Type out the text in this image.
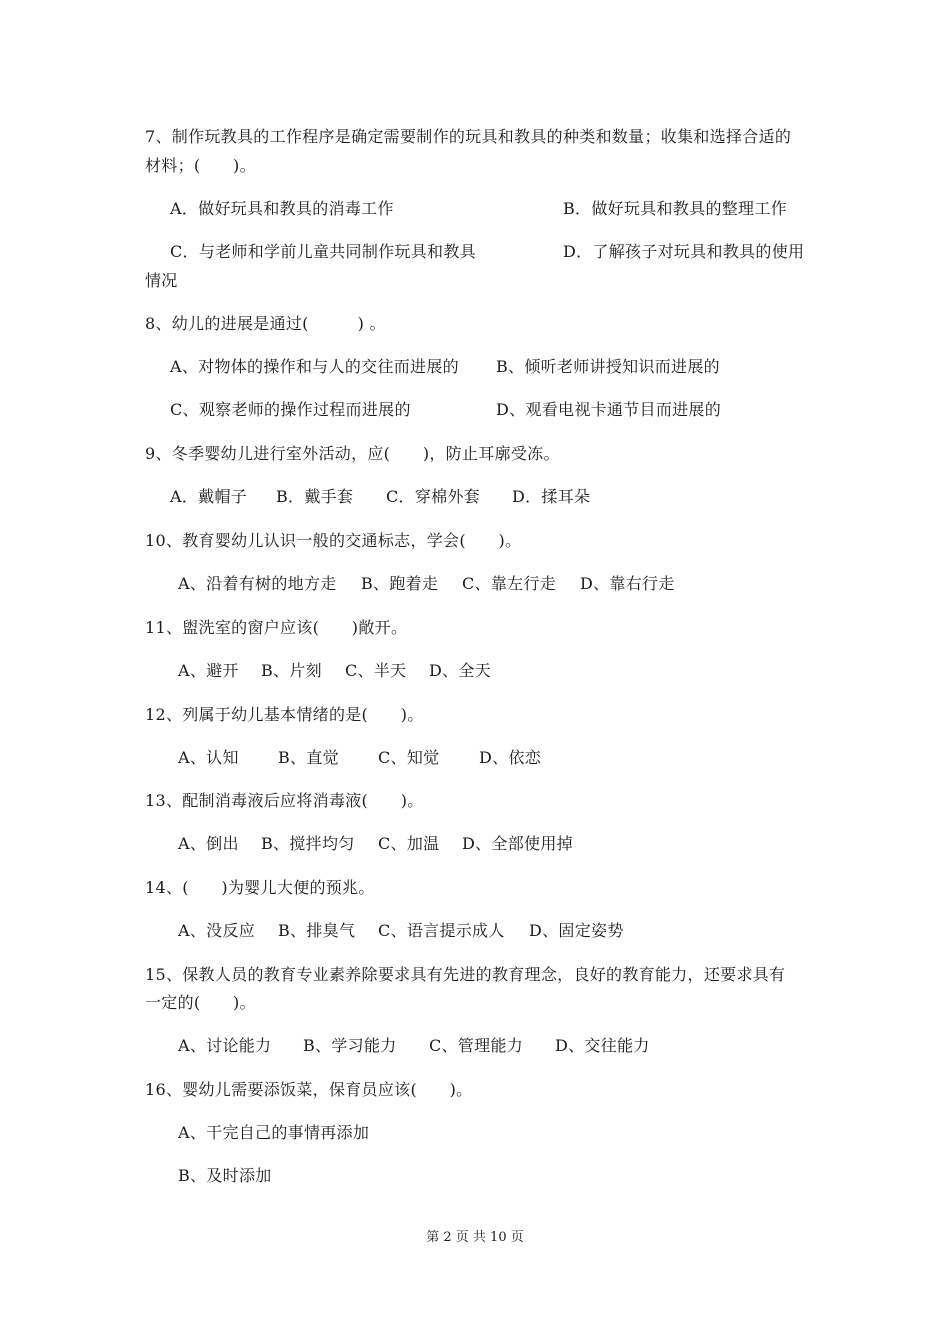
7、制作玩教具的工作程序是确定需要制作的玩具和教具的种类和数量；收集和选择合适的
材料；(　　)。
A．做好玩具和教具的消毒工作	B．做好玩具和教具的整理工作
C．与老师和学前儿童共同制作玩具和教具	D．了解孩子对玩具和教具的使用
情况
8、幼儿的进展是通过(　　　) 。
A、对物体的操作和与人的交往而进展的 B、倾听老师讲授知识而进展的
C、观察老师的操作过程而进展的	D、观看电视卡通节目而进展的
9、冬季婴幼儿进行室外活动，应(　　)，防止耳廓受冻。
A．戴帽子 B．戴手套 C．穿棉外套 D．揉耳朵
10、教育婴幼儿认识一般的交通标志，学会(　　)。
A、沿着有树的地方走 B、跑着走 C、靠左行走 D、靠右行走
11、盥洗室的窗户应该(　　)敞开。
A、避开 B、片刻 C、半天 D、全天
12、列属于幼儿基本情绪的是(　　)。
A、认知 B、直觉 C、知觉 D、依恋
13、配制消毒液后应将消毒液(　　)。
A、倒出 B、搅拌均匀 C、加温 D、全部使用掉
14、(　　)为婴儿大便的预兆。
A、没反应 B、排臭气 C、语言提示成人 D、固定姿势
15、保教人员的教育专业素养除要求具有先进的教育理念，良好的教育能力，还要求具有
一定的(　　)。
A、讨论能力 B、学习能力 C、管理能力 D、交往能力
16、婴幼儿需要添饭菜，保育员应该(　　)。
A、干完自己的事情再添加
B、及时添加
第 2 页 共 10 页
